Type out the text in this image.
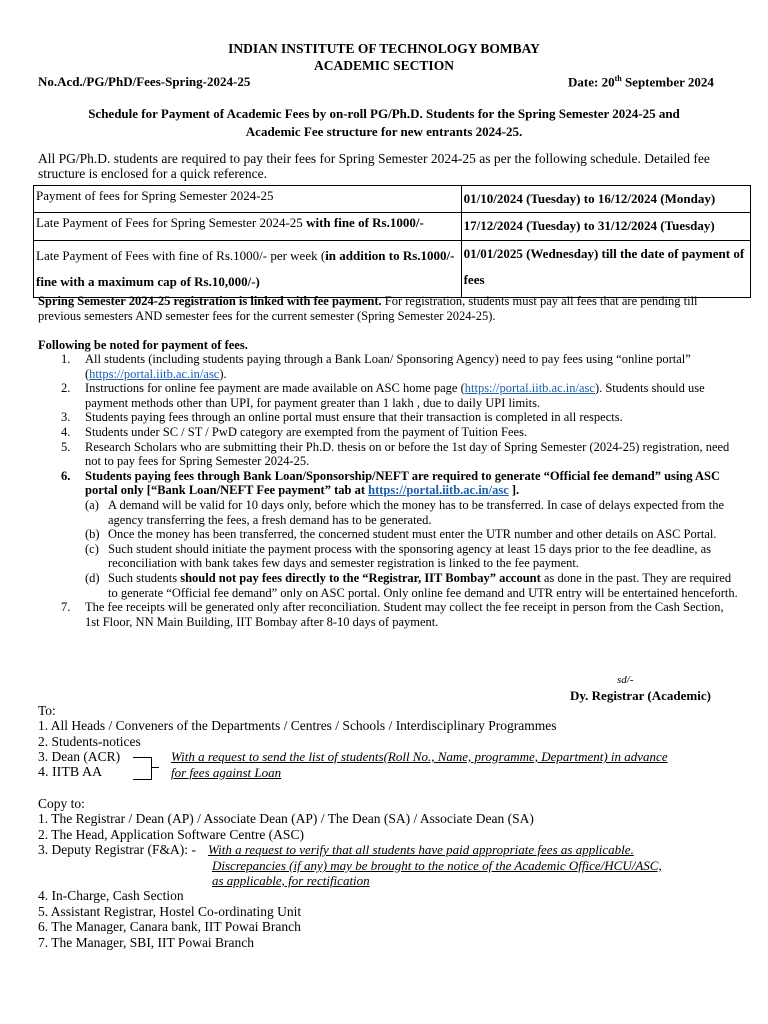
INDIAN INSTITUTE OF TECHNOLOGY BOMBAY
ACADEMIC SECTION
No.Acd./PG/PhD/Fees-Spring-2024-25	Date: 20th September 2024
Schedule for Payment of Academic Fees by on-roll PG/Ph.D. Students for the Spring Semester 2024-25 and
Academic Fee structure for new entrants 2024-25.
All PG/Ph.D. students are required to pay their fees for Spring Semester 2024-25 as per the following schedule. Detailed fee structure is enclosed for a quick reference.
Payment of fees for Spring Semester 2024-25	01/10/2024 (Tuesday) to 16/12/2024 (Monday)
Late Payment of Fees for Spring Semester 2024-25 with fine of Rs.1000/-	17/12/2024 (Tuesday) to 31/12/2024 (Tuesday)
Late Payment of Fees with fine of Rs.1000/- per week (in addition to Rs.1000/- fine with a maximum cap of Rs.10,000/-)	01/01/2025 (Wednesday) till the date of payment of fees
Spring Semester 2024-25 registration is linked with fee payment. For registration, students must pay all fees that are pending till previous semesters AND semester fees for the current semester (Spring Semester 2024-25).
Following be noted for payment of fees.
1. All students (including students paying through a Bank Loan/ Sponsoring Agency) need to pay fees using “online portal” (https://portal.iitb.ac.in/asc).
2. Instructions for online fee payment are made available on ASC home page (https://portal.iitb.ac.in/asc). Students should use payment methods other than UPI, for payment greater than 1 lakh , due to daily UPI limits.
3. Students paying fees through an online portal must ensure that their transaction is completed in all respects.
4. Students under SC / ST / PwD category are exempted from the payment of Tuition Fees.
5. Research Scholars who are submitting their Ph.D. thesis on or before the 1st day of Spring Semester (2024-25) registration, need not to pay fees for Spring Semester 2024-25.
6. Students paying fees through Bank Loan/Sponsorship/NEFT are required to generate “Official fee demand” using ASC portal only [“Bank Loan/NEFT Fee payment” tab at https://portal.iitb.ac.in/asc ].
(a) A demand will be valid for 10 days only, before which the money has to be transferred. In case of delays expected from the agency transferring the fees, a fresh demand has to be generated.
(b) Once the money has been transferred, the concerned student must enter the UTR number and other details on ASC Portal.
(c) Such student should initiate the payment process with the sponsoring agency at least 15 days prior to the fee deadline, as reconciliation with bank takes few days and semester registration is linked to the fee payment.
(d) Such students should not pay fees directly to the “Registrar, IIT Bombay” account as done in the past. They are required to generate “Official fee demand” only on ASC portal. Only online fee demand and UTR entry will be entertained henceforth.
7. The fee receipts will be generated only after reconciliation. Student may collect the fee receipt in person from the Cash Section, 1st Floor, NN Main Building, IIT Bombay after 8-10 days of payment.
sd/-
Dy. Registrar (Academic)
To:
1. All Heads / Conveners of the Departments / Centres / Schools / Interdisciplinary Programmes
2. Students-notices
3. Dean (ACR)
4. IITB AA
With a request to send the list of students(Roll No., Name, programme, Department) in advance
for fees against Loan
Copy to:
1. The Registrar / Dean (AP) / Associate Dean (AP) / The Dean (SA) / Associate Dean (SA)
2. The Head, Application Software Centre (ASC)
3. Deputy Registrar (F&A): - With a request to verify that all students have paid appropriate fees as applicable.
Discrepancies (if any) may be brought to the notice of the Academic Office/HCU/ASC,
as applicable, for rectification
4. In-Charge, Cash Section
5. Assistant Registrar, Hostel Co-ordinating Unit
6. The Manager, Canara bank, IIT Powai Branch
7. The Manager, SBI, IIT Powai Branch
